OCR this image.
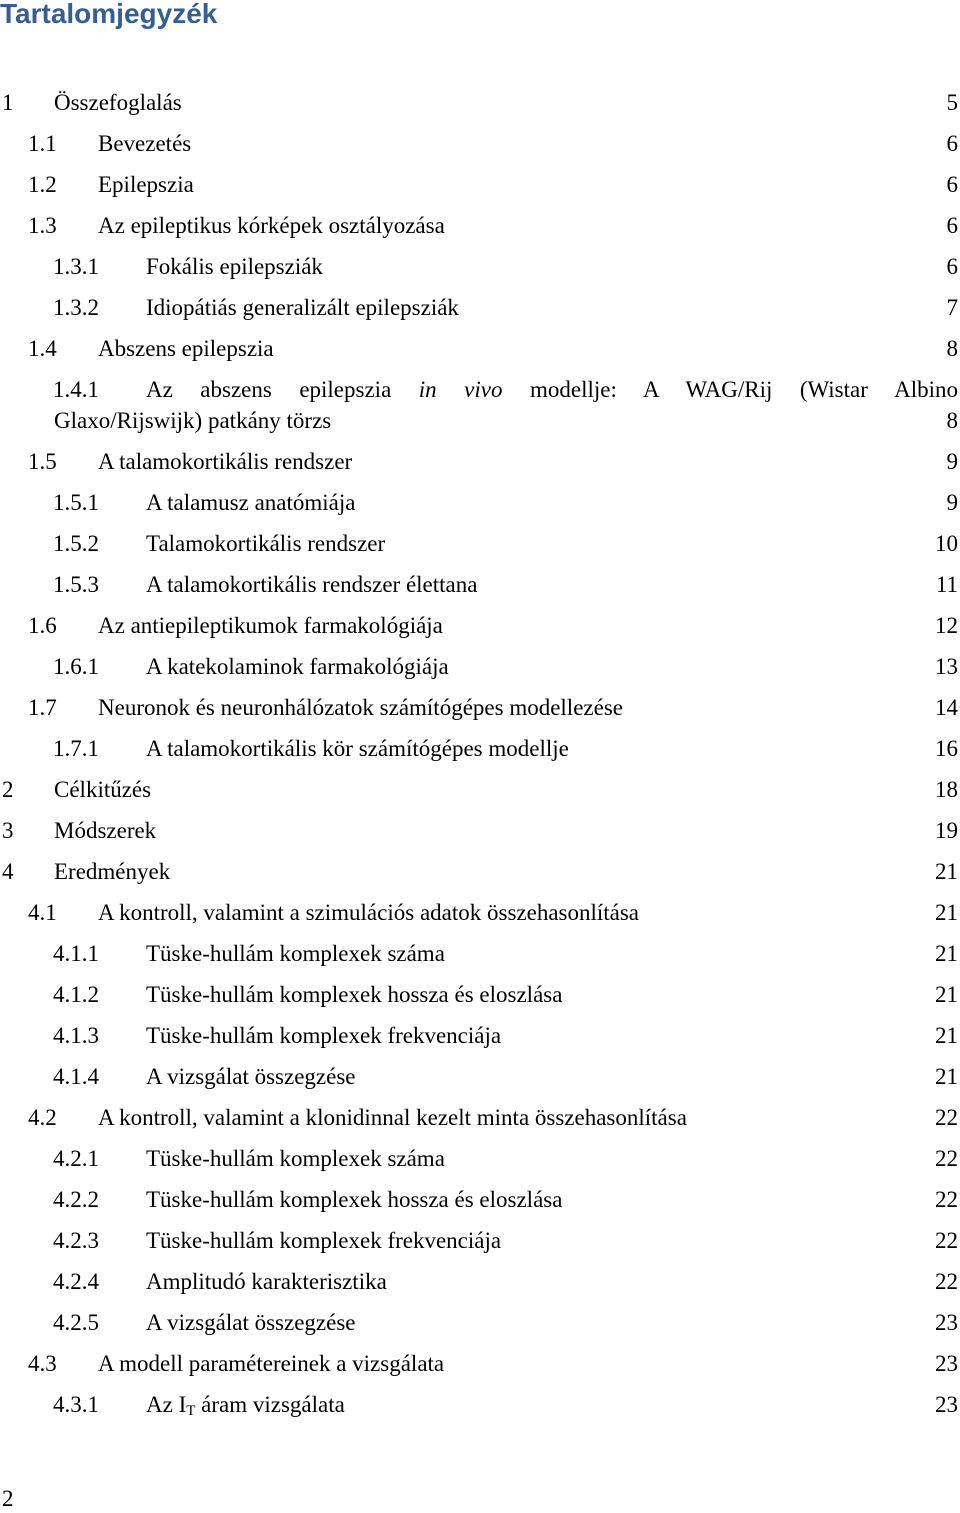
Tartalomjegyzék
1 Összefoglalás	5
1.1 Bevezetés	6
1.2 Epilepszia	6
1.3 Az epileptikus kórképek osztályozása	6
1.3.1 Fokális epilepsziák	6
1.3.2 Idiopátiás generalizált epilepsziák	7
1.4 Abszens epilepszia	8
1.4.1 Az abszens epilepszia in vivo modellje: A WAG/Rij (Wistar Albino
Glaxo/Rijswijk) patkány törzs	8
1.5 A talamokortikális rendszer	9
1.5.1 A talamusz anatómiája	9
1.5.2 Talamokortikális rendszer	10
1.5.3 A talamokortikális rendszer élettana	11
1.6 Az antiepileptikumok farmakológiája	12
1.6.1 A katekolaminok farmakológiája	13
1.7 Neuronok és neuronhálózatok számítógépes modellezése	14
1.7.1 A talamokortikális kör számítógépes modellje	16
2 Célkitűzés	18
3 Módszerek	19
4 Eredmények	21
4.1 A kontroll, valamint a szimulációs adatok összehasonlítása	21
4.1.1 Tüske-hullám komplexek száma	21
4.1.2 Tüske-hullám komplexek hossza és eloszlása	21
4.1.3 Tüske-hullám komplexek frekvenciája	21
4.1.4 A vizsgálat összegzése	21
4.2 A kontroll, valamint a klonidinnal kezelt minta összehasonlítása	22
4.2.1 Tüske-hullám komplexek száma	22
4.2.2 Tüske-hullám komplexek hossza és eloszlása	22
4.2.3 Tüske-hullám komplexek frekvenciája	22
4.2.4 Amplitudó karakterisztika	22
4.2.5 A vizsgálat összegzése	23
4.3 A modell paramétereinek a vizsgálata	23
4.3.1 Az $I_T$ áram vizsgálata	23
2
